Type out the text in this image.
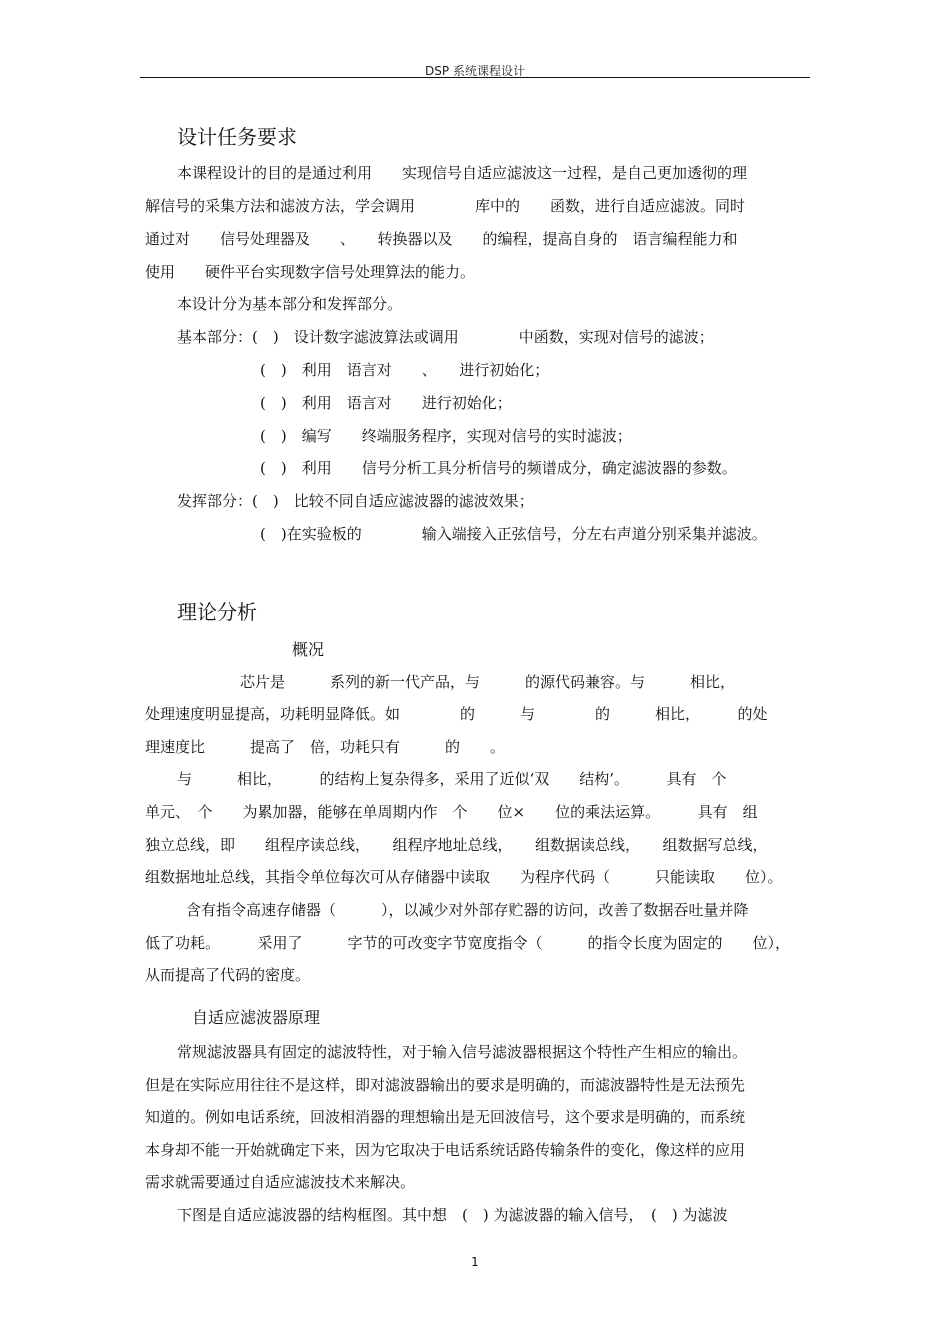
DSP 系统课程设计
设计任务要求
本课程设计的目的是通过利用　　实现信号自适应滤波这一过程，是自己更加透彻的理
解信号的采集方法和滤波方法，学会调用　　　　库中的　　函数，进行自适应滤波。同时
通过对　　信号处理器及　　、　　转换器以及　　的编程，提高自身的　语言编程能力和
使用　　硬件平台实现数字信号处理算法的能力。
本设计分为基本部分和发挥部分。
基本部分：(　)　设计数字滤波算法或调用　　　　中函数，实现对信号的滤波；
(　)　利用　语言对　　、　　进行初始化；
(　)　利用　语言对　　进行初始化；
(　)　编写　　终端服务程序，实现对信号的实时滤波；
(　)　利用　　信号分析工具分析信号的频谱成分，确定滤波器的参数。
发挥部分：(　)　比较不同自适应滤波器的滤波效果；
(　)在实验板的　　　　输入端接入正弦信号，分左右声道分别采集并滤波。
理论分析
概况
芯片是　　　系列的新一代产品，与　　　的源代码兼容。与　　　相比，
处理速度明显提高，功耗明显降低。如　　　　的　　　与　　　　的　　　相比，　　　的处
理速度比　　　提高了　倍，功耗只有　　　的　　。
与　　　相比，　　　的结构上复杂得多，采用了近似‘双　　结构’。　　　具有　个
单元、　个　　为累加器，能够在单周期内作　个　　位×　　位的乘法运算。　　　具有　组
独立总线，即　　组程序读总线，　　组程序地址总线，　　组数据读总线，　　组数据写总线，
组数据地址总线，其指令单位每次可从存储器中读取　　为程序代码（　　　只能读取　　位）。
含有指令高速存储器（　　　），以减少对外部存贮器的访问，改善了数据吞吐量并降
低了功耗。　　　采用了　　　字节的可改变字节宽度指令（　　　的指令长度为固定的　　位），
从而提高了代码的密度。
自适应滤波器原理
常规滤波器具有固定的滤波特性，对于输入信号滤波器根据这个特性产生相应的输出。
但是在实际应用往往不是这样，即对滤波器输出的要求是明确的，而滤波器特性是无法预先
知道的。例如电话系统，回波相消器的理想输出是无回波信号，这个要求是明确的，而系统
本身却不能一开始就确定下来，因为它取决于电话系统话路传输条件的变化，像这样的应用
需求就需要通过自适应滤波技术来解决。
下图是自适应滤波器的结构框图。其中想　(　) 为滤波器的输入信号，　(　) 为滤波
1
